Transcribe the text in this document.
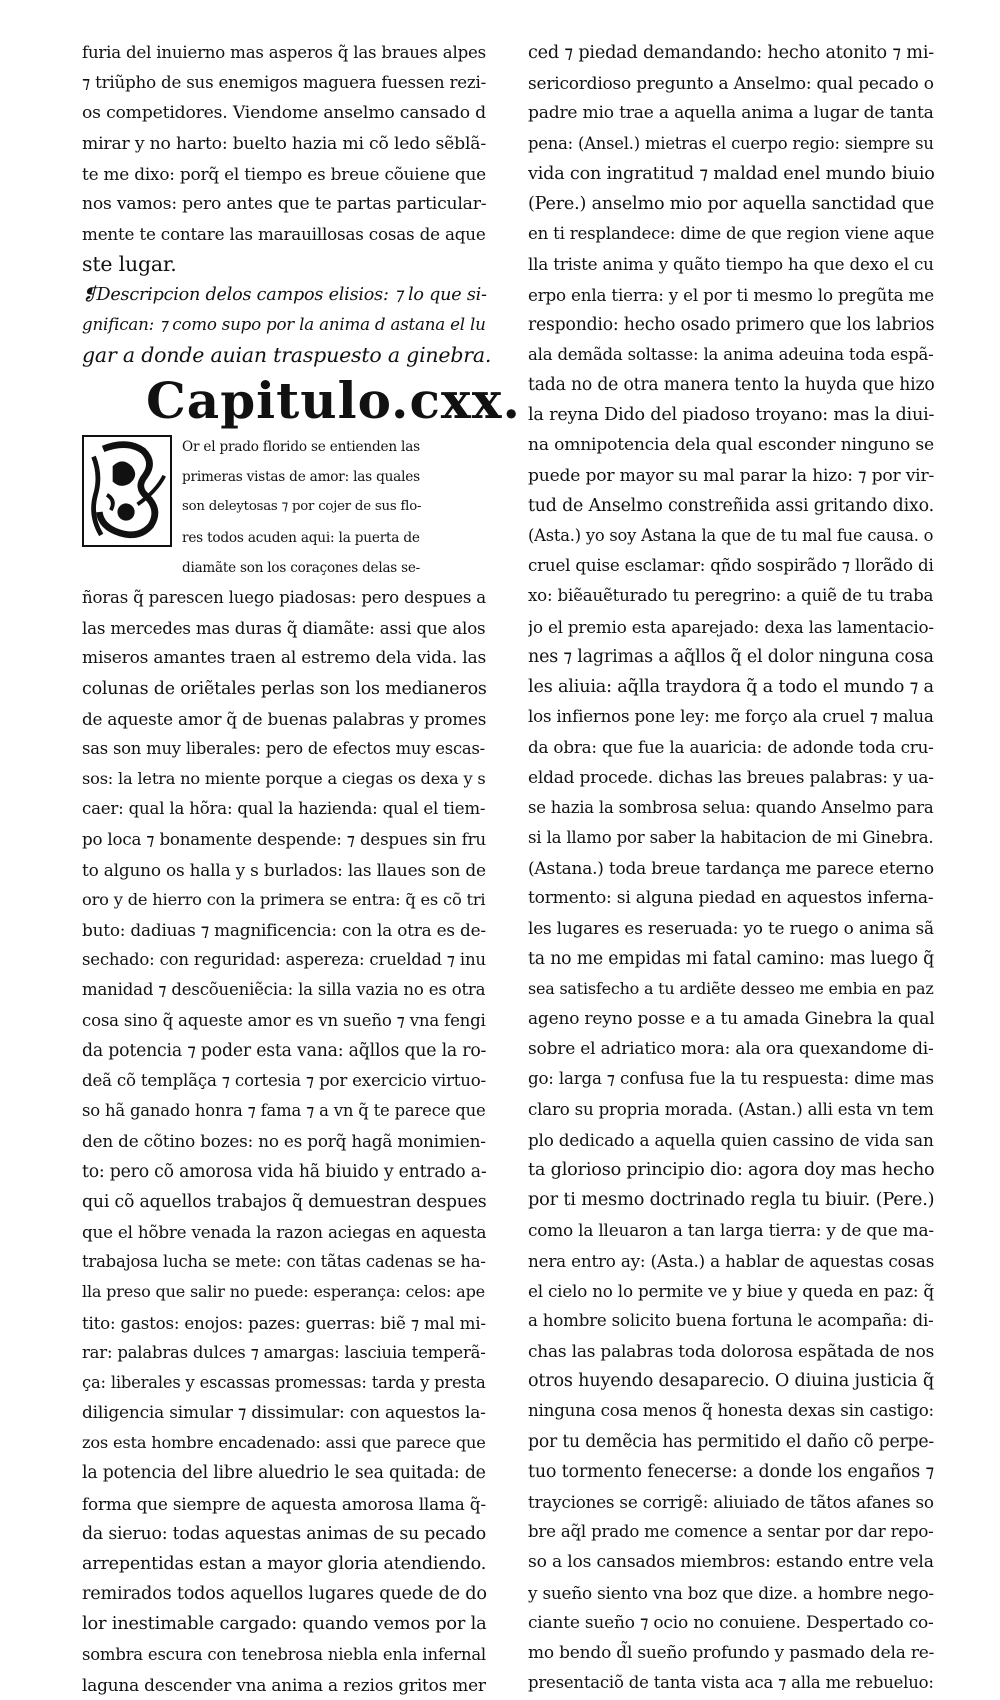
furia del inuierno mas asperos q̃ las braues alpes
⁊ triũpho de sus enemigos maguera fuessen rezi-
os competidores. Viendome anselmo cansado d
mirar y no harto: buelto hazia mi cõ ledo sẽblã-
te me dixo: porq̃ el tiempo es breue cõuiene que
nos vamos: pero antes que te partas particular-
mente te contare las marauillosas cosas de aque
ste lugar.
❡Descripcion delos campos elisios: ⁊ lo que si-
gnifican: ⁊ como supo por la anima d astana el lu
gar a donde auian traspuesto a ginebra.
Capitulo.cxx.
Or el prado florido se entienden las
primeras vistas de amor: las quales
son deleytosas ⁊ por cojer de sus flo-
res todos acuden aqui: la puerta de
diamãte son los coraçones delas se-
ñoras q̃ parescen luego piadosas: pero despues a
las mercedes mas duras q̃ diamãte: assi que alos
miseros amantes traen al estremo dela vida. las
colunas de oriẽtales perlas son los medianeros
de aqueste amor q̃ de buenas palabras y promes
sas son muy liberales: pero de efectos muy escas-
sos: la letra no miente porque a ciegas os dexa y s
caer: qual la hõra: qual la hazienda: qual el tiem-
po loca ⁊ bonamente despende: ⁊ despues sin fru
to alguno os halla y s burlados: las llaues son de
oro y de hierro con la primera se entra: q̃ es cõ tri
buto: dadiuas ⁊ magnificencia: con la otra es de-
sechado: con reguridad: aspereza: crueldad ⁊ inu
manidad ⁊ descõueniẽcia: la silla vazia no es otra
cosa sino q̃ aqueste amor es vn sueño ⁊ vna fengi
da potencia ⁊ poder esta vana: aq̃llos que la ro-
deã cõ templãça ⁊ cortesia ⁊ por exercicio virtuo-
so hã ganado honra ⁊ fama ⁊ a vn q̃ te parece que
den de cõtino bozes: no es porq̃ hagã monimien-
to: pero cõ amorosa vida hã biuido y entrado a-
qui cõ aquellos trabajos q̃ demuestran despues
que el hõbre venada la razon aciegas en aquesta
trabajosa lucha se mete: con tãtas cadenas se ha-
lla preso que salir no puede: esperança: celos: ape
tito: gastos: enojos: pazes: guerras: biẽ ⁊ mal mi-
rar: palabras dulces ⁊ amargas: lasciuia temperã-
ça: liberales y escassas promessas: tarda y presta
diligencia simular ⁊ dissimular: con aquestos la-
zos esta hombre encadenado: assi que parece que
la potencia del libre aluedrio le sea quitada: de
forma que siempre de aquesta amorosa llama q̃-
da sieruo: todas aquestas animas de su pecado
arrepentidas estan a mayor gloria atendiendo.
remirados todos aquellos lugares quede de do
lor inestimable cargado: quando vemos por la
sombra escura con tenebrosa niebla enla infernal
laguna descender vna anima a rezios gritos mer
ced ⁊ piedad demandando: hecho atonito ⁊ mi-
sericordioso pregunto a Anselmo: qual pecado o
padre mio trae a aquella anima a lugar de tanta
pena: (Ansel.) mietras el cuerpo regio: siempre su
vida con ingratitud ⁊ maldad enel mundo biuio
(Pere.) anselmo mio por aquella sanctidad que
en ti resplandece: dime de que region viene aque
lla triste anima y quãto tiempo ha que dexo el cu
erpo enla tierra: y el por ti mesmo lo pregũta me
respondio: hecho osado primero que los labrios
ala demãda soltasse: la anima adeuina toda espã-
tada no de otra manera tento la huyda que hizo
la reyna Dido del piadoso troyano: mas la diui-
na omnipotencia dela qual esconder ninguno se
puede por mayor su mal parar la hizo: ⁊ por vir-
tud de Anselmo constreñida assi gritando dixo.
(Asta.) yo soy Astana la que de tu mal fue causa. o
cruel quise esclamar: qñdo sospirãdo ⁊ llorãdo di
xo: biẽauẽturado tu peregrino: a quiẽ de tu traba
jo el premio esta aparejado: dexa las lamentacio-
nes ⁊ lagrimas a aq̃llos q̃ el dolor ninguna cosa
les aliuia: aq̃lla traydora q̃ a todo el mundo ⁊ a
los infiernos pone ley: me forço ala cruel ⁊ malua
da obra: que fue la auaricia: de adonde toda cru-
eldad procede. dichas las breues palabras: y ua-
se hazia la sombrosa selua: quando Anselmo para
si la llamo por saber la habitacion de mi Ginebra.
(Astana.) toda breue tardança me parece eterno
tormento: si alguna piedad en aquestos inferna-
les lugares es reseruada: yo te ruego o anima sã
ta no me empidas mi fatal camino: mas luego q̃
sea satisfecho a tu ardiẽte desseo me embia en paz
ageno reyno posse e a tu amada Ginebra la qual
sobre el adriatico mora: ala ora quexandome di-
go: larga ⁊ confusa fue la tu respuesta: dime mas
claro su propria morada. (Astan.) alli esta vn tem
plo dedicado a aquella quien cassino de vida san
ta glorioso principio dio: agora doy mas hecho
por ti mesmo doctrinado regla tu biuir. (Pere.)
como la lleuaron a tan larga tierra: y de que ma-
nera entro ay: (Asta.) a hablar de aquestas cosas
el cielo no lo permite ve y biue y queda en paz: q̃
a hombre solicito buena fortuna le acompaña: di-
chas las palabras toda dolorosa espãtada de nos
otros huyendo desaparecio. O diuina justicia q̃
ninguna cosa menos q̃ honesta dexas sin castigo:
por tu demẽcia has permitido el daño cõ perpe-
tuo tormento fenecerse: a donde los engaños ⁊
trayciones se corrigẽ: aliuiado de tãtos afanes so
bre aq̃l prado me comence a sentar por dar repo-
so a los cansados miembros: estando entre vela
y sueño siento vna boz que dize. a hombre nego-
ciante sueño ⁊ ocio no conuiene. Despertado co-
mo bendo d̃l sueño profundo y pasmado dela re-
presentaciõ de tanta vista aca ⁊ alla me rebueluo:
